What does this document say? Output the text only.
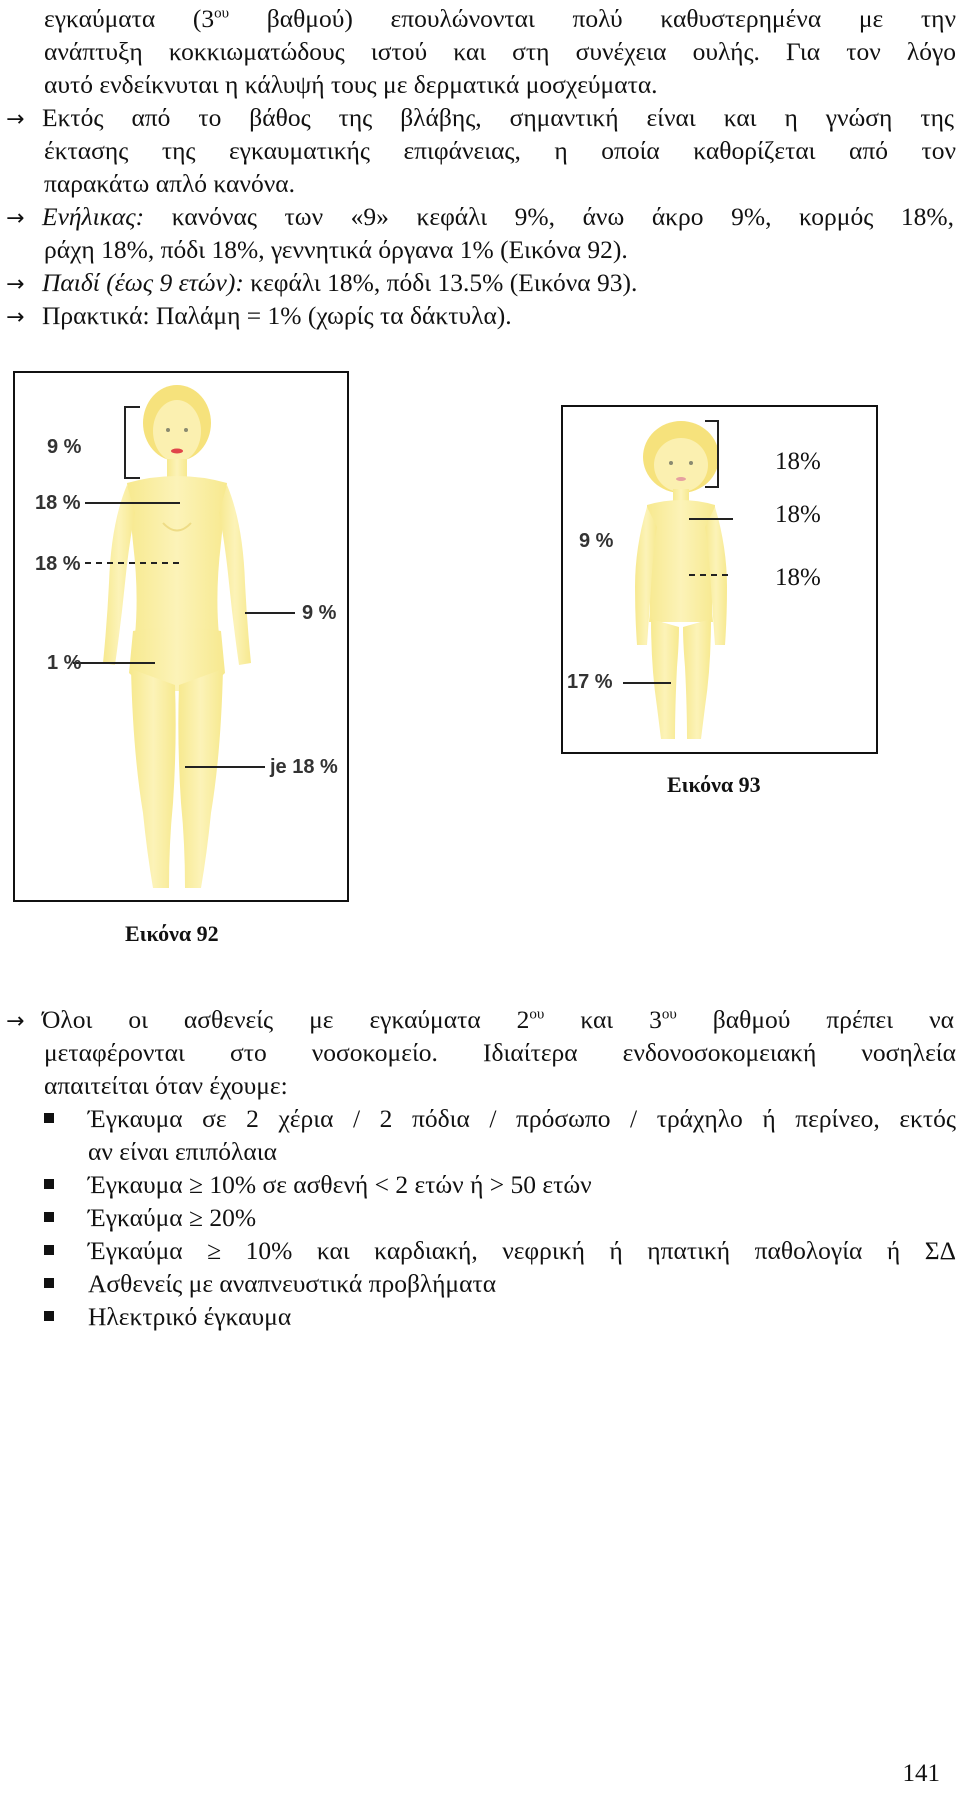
εγκαύματα ($3^{o\upsilon}$ βαθμού) επουλώνονται πολύ καθυστερημένα με την
ανάπτυξη κοκκιωματώδους ιστού και στη συνέχεια ουλής. Για τον λόγο
αυτό ενδείκνυται η κάλυψή τους με δερματικά μοσχεύματα.
→ Εκτός από το βάθος της βλάβης, σημαντική είναι και η γνώση της
έκτασης της εγκαυματικής επιφάνειας, η οποία καθορίζεται από τον
παρακάτω απλό κανόνα.
→ Ενήλικας: κανόνας των «9» κεφάλι 9%, άνω άκρο 9%, κορμός 18%,
ράχη 18%, πόδι 18%, γεννητικά όργανα 1% (Εικόνα 92).
→ Παιδί (έως 9 ετών): κεφάλι 18%, πόδι 13.5% (Εικόνα 93).
→ Πρακτικά: Παλάμη = 1% (χωρίς τα δάκτυλα).
9 %
18 %
18 %
9 %
1 %
je 18 %
Εικόνα 92
18%
18%
18%
9 %
17 %
Εικόνα 93
→ Όλοι οι ασθενείς με εγκαύματα $2^{o\upsilon}$ και $3^{o\upsilon}$ βαθμού πρέπει να
μεταφέρονται στο νοσοκομείο. Ιδιαίτερα ενδονοσοκομειακή νοσηλεία
απαιτείται όταν έχουμε:
Έγκαυμα σε 2 χέρια / 2 πόδια / πρόσωπο / τράχηλο ή περίνεο, εκτός
αν είναι επιπόλαια
Έγκαυμα ≥ 10% σε ασθενή < 2 ετών ή > 50 ετών
Έγκαύμα ≥ 20%
Έγκαύμα ≥ 10% και καρδιακή, νεφρική ή ηπατική παθολογία ή ΣΔ
Ασθενείς με αναπνευστικά προβλήματα
Ηλεκτρικό έγκαυμα
141
